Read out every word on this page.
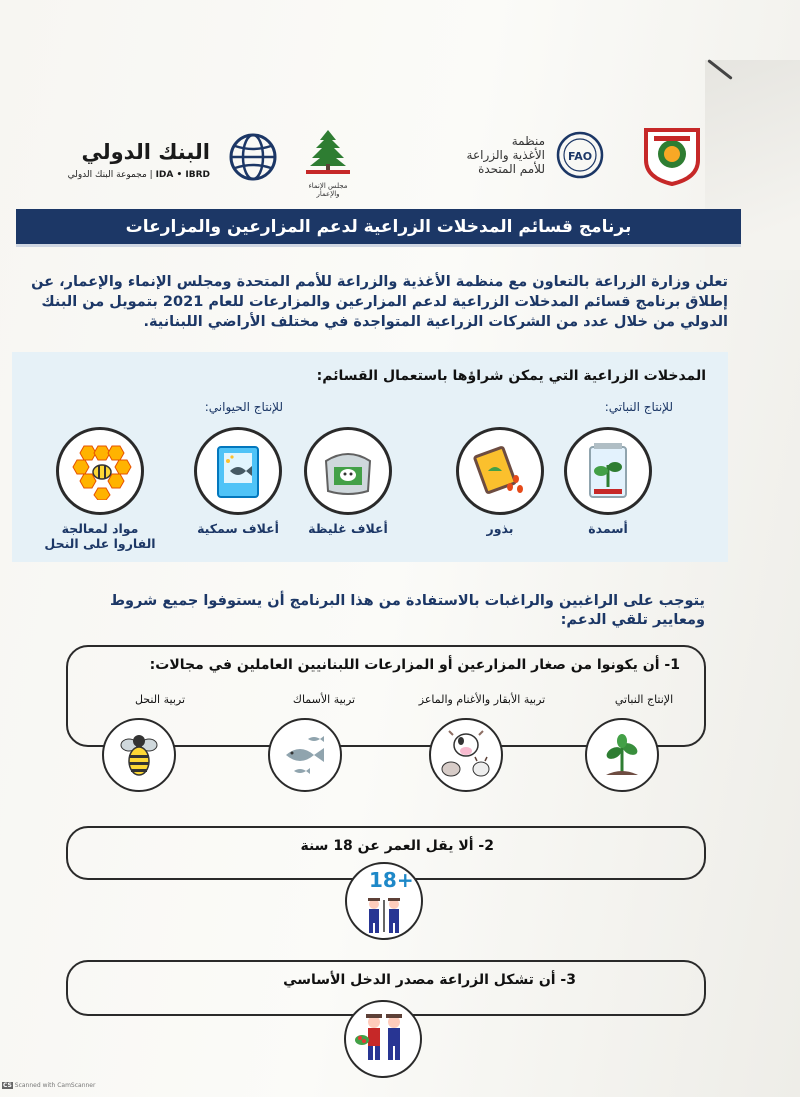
البنك الدولي
مجموعة البنك الدولي | IDA • IBRD
مجلس الإنماء والإعمار
منظمة
الأغذية والزراعة
للأمم المتحدة
FAO
برنامج قسائم المدخلات الزراعية لدعم المزارعين والمزارعات
تعلن وزارة الزراعة بالتعاون مع منظمة الأغذية والزراعة للأمم المتحدة ومجلس الإنماء والإعمار، عن إطلاق برنامج قسائم المدخلات الزراعية لدعم المزارعين والمزارعات للعام 2021 بتمويل من البنك الدولي من خلال عدد من الشركات الزراعية المتواجدة في مختلف الأراضي اللبنانية.
المدخلات الزراعية التي يمكن شراؤها باستعمال القسائم:
للإنتاج النباتي:
للإنتاج الحيواني:
أسمدة
بذور
أعلاف غليظة
أعلاف سمكية
مواد لمعالجة الفاروا على النحل
يتوجب على الراغبين والراغبات بالاستفادة من هذا البرنامج أن يستوفوا جميع شروط ومعايير تلقي الدعم:
1- أن يكونوا من صغار المزارعين أو المزارعات اللبنانيين العاملين في مجالات:
الإنتاج النباتي
تربية الأبقار والأغنام والماعز
تربية الأسماك
تربية النحل
2- ألا يقل العمر عن 18 سنة
18+
3- أن تشكل الزراعة مصدر الدخل الأساسي
CS Scanned with CamScanner
